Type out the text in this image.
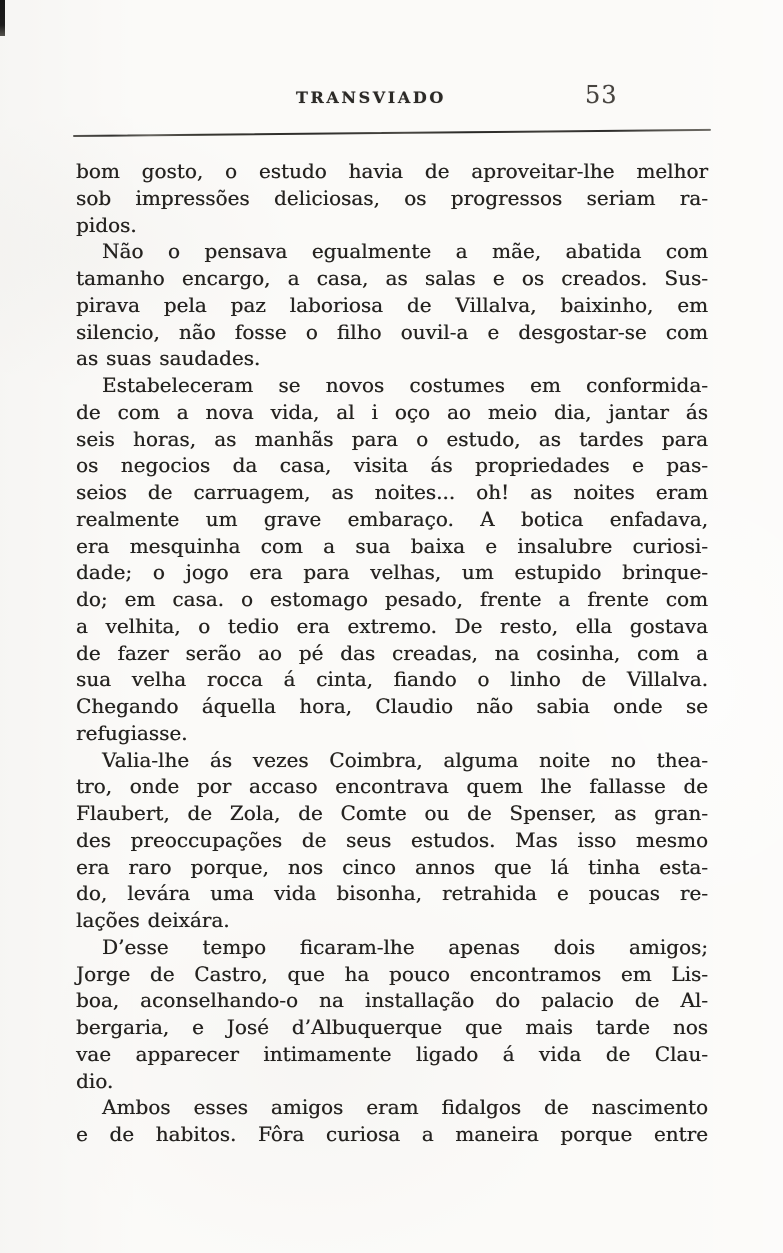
TRANSVIADO	53
bom gosto, o estudo havia de aproveitar-lhe melhor
sob impressões deliciosas, os progressos seriam ra-
pidos.
Não o pensava egualmente a mãe, abatida com
tamanho encargo, a casa, as salas e os creados. Sus-
pirava pela paz laboriosa de Villalva, baixinho, em
silencio, não fosse o filho ouvil-a e desgostar-se com
as suas saudades.
Estabeleceram se novos costumes em conformida-
de com a nova vida, al i oço ao meio dia, jantar ás
seis horas, as manhãs para o estudo, as tardes para
os negocios da casa, visita ás propriedades e pas-
seios de carruagem, as noites... oh! as noites eram
realmente um grave embaraço. A botica enfadava,
era mesquinha com a sua baixa e insalubre curiosi-
dade; o jogo era para velhas, um estupido brinque-
do; em casa. o estomago pesado, frente a frente com
a velhita, o tedio era extremo. De resto, ella gostava
de fazer serão ao pé das creadas, na cosinha, com a
sua velha rocca á cinta, fiando o linho de Villalva.
Chegando áquella hora, Claudio não sabia onde se
refugiasse.
Valia-lhe ás vezes Coimbra, alguma noite no thea-
tro, onde por accaso encontrava quem lhe fallasse de
Flaubert, de Zola, de Comte ou de Spenser, as gran-
des preoccupações de seus estudos. Mas isso mesmo
era raro porque, nos cinco annos que lá tinha esta-
do, levára uma vida bisonha, retrahida e poucas re-
lações deixára.
D’esse tempo ficaram-lhe apenas dois amigos;
Jorge de Castro, que ha pouco encontramos em Lis-
boa, aconselhando-o na installação do palacio de Al-
bergaria, e José d’Albuquerque que mais tarde nos
vae apparecer intimamente ligado á vida de Clau-
dio.
Ambos esses amigos eram fidalgos de nascimento
e de habitos. Fôra curiosa a maneira porque entre
